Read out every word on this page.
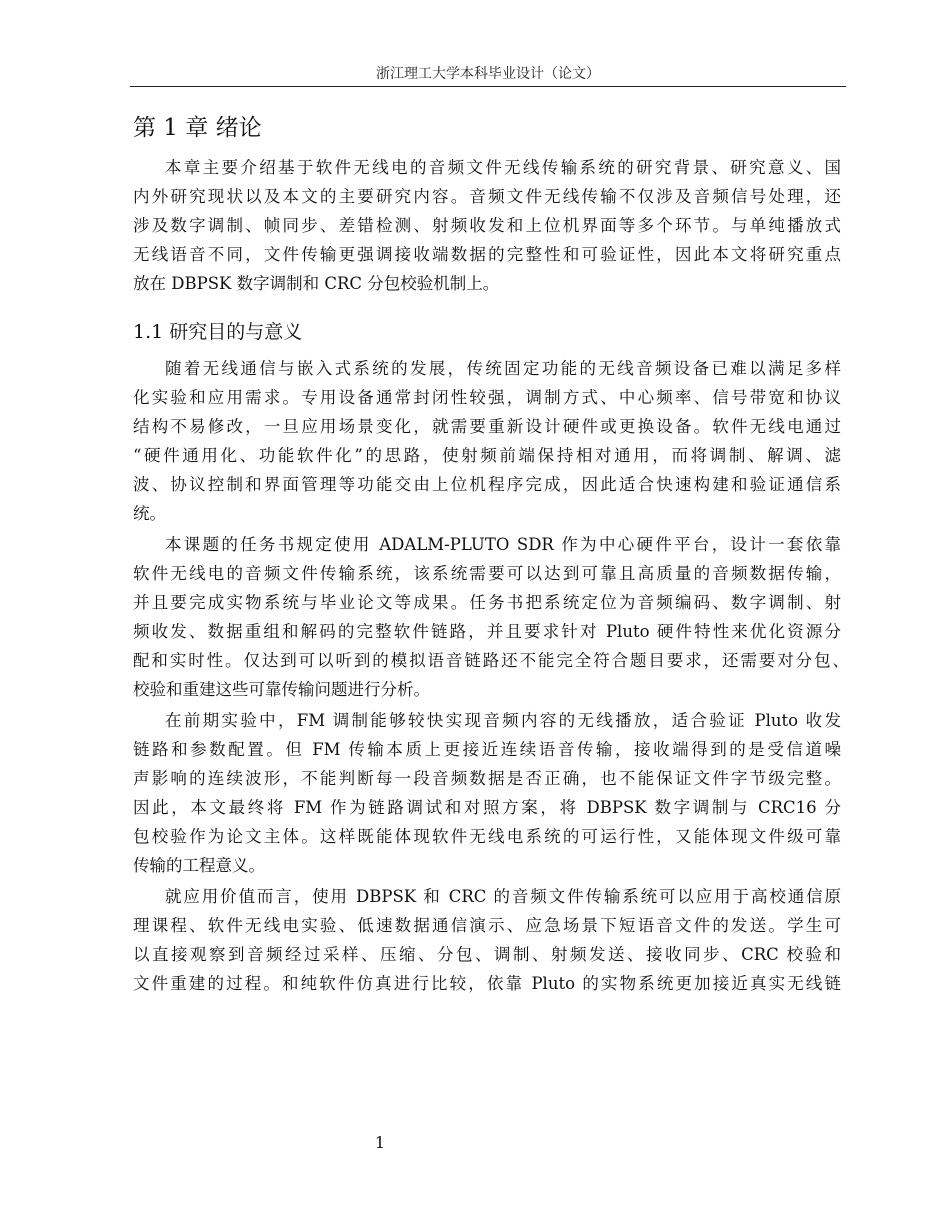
浙江理工大学本科毕业设计（论文）
第 1 章 绪论
本章主要介绍基于软件无线电的音频文件无线传输系统的研究背景、研究意义、国
内外研究现状以及本文的主要研究内容。音频文件无线传输不仅涉及音频信号处理，还
涉及数字调制、帧同步、差错检测、射频收发和上位机界面等多个环节。与单纯播放式
无线语音不同，文件传输更强调接收端数据的完整性和可验证性，因此本文将研究重点
放在 DBPSK 数字调制和 CRC 分包校验机制上。
1.1 研究目的与意义
随着无线通信与嵌入式系统的发展，传统固定功能的无线音频设备已难以满足多样
化实验和应用需求。专用设备通常封闭性较强，调制方式、中心频率、信号带宽和协议
结构不易修改，一旦应用场景变化，就需要重新设计硬件或更换设备。软件无线电通过
“硬件通用化、功能软件化”的思路，使射频前端保持相对通用，而将调制、解调、滤
波、协议控制和界面管理等功能交由上位机程序完成，因此适合快速构建和验证通信系
统。
本课题的任务书规定使用 ADALM-PLUTO SDR 作为中心硬件平台，设计一套依靠
软件无线电的音频文件传输系统，该系统需要可以达到可靠且高质量的音频数据传输，
并且要完成实物系统与毕业论文等成果。任务书把系统定位为音频编码、数字调制、射
频收发、数据重组和解码的完整软件链路，并且要求针对 Pluto 硬件特性来优化资源分
配和实时性。仅达到可以听到的模拟语音链路还不能完全符合题目要求，还需要对分包、
校验和重建这些可靠传输问题进行分析。
在前期实验中，FM 调制能够较快实现音频内容的无线播放，适合验证 Pluto 收发
链路和参数配置。但 FM 传输本质上更接近连续语音传输，接收端得到的是受信道噪
声影响的连续波形，不能判断每一段音频数据是否正确，也不能保证文件字节级完整。
因此，本文最终将 FM 作为链路调试和对照方案，将 DBPSK 数字调制与 CRC16 分
包校验作为论文主体。这样既能体现软件无线电系统的可运行性，又能体现文件级可靠
传输的工程意义。
就应用价值而言，使用 DBPSK 和 CRC 的音频文件传输系统可以应用于高校通信原
理课程、软件无线电实验、低速数据通信演示、应急场景下短语音文件的发送。学生可
以直接观察到音频经过采样、压缩、分包、调制、射频发送、接收同步、CRC 校验和
文件重建的过程。和纯软件仿真进行比较，依靠 Pluto 的实物系统更加接近真实无线链
1
